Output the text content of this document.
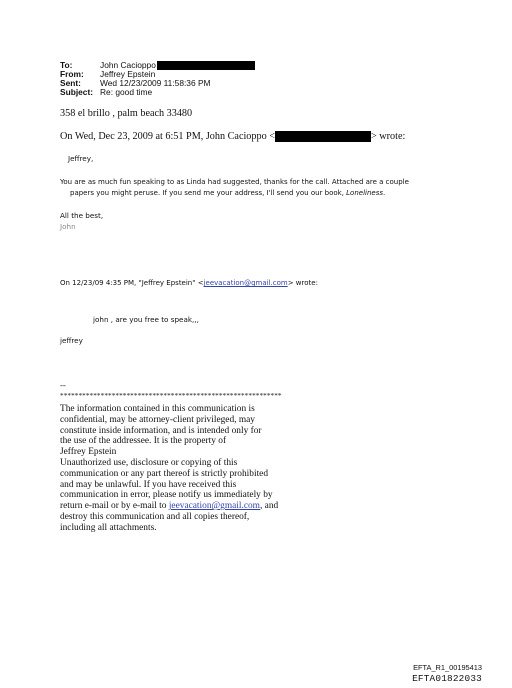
To:	John Cacioppo
From:	Jeffrey Epstein
Sent:	Wed 12/23/2009 11:58:36 PM
Subject: Re: good time
358 el brillo , palm beach 33480
On Wed, Dec 23, 2009 at 6:51 PM, John Cacioppo <	> wrote:
Jeffrey,
You are as much fun speaking to as Linda had suggested, thanks for the call. Attached are a couple
papers you might peruse. If you send me your address, I'll send you our book, Loneliness.
All the best,
John
On 12/23/09 4:35 PM, "Jeffrey Epstein" <jeevacation@gmail.com> wrote:
john , are you free to speak,,,
jeffrey
--
************************************************************
The information contained in this communication is
confidential, may be attorney-client privileged, may
constitute inside information, and is intended only for
the use of the addressee. It is the property of
Jeffrey Epstein
Unauthorized use, disclosure or copying of this
communication or any part thereof is strictly prohibited
and may be unlawful. If you have received this
communication in error, please notify us immediately by
return e-mail or by e-mail to jeevacation@gmail.com, and
destroy this communication and all copies thereof,
including all attachments.
EFTA_R1_00195413
EFTA01822033
